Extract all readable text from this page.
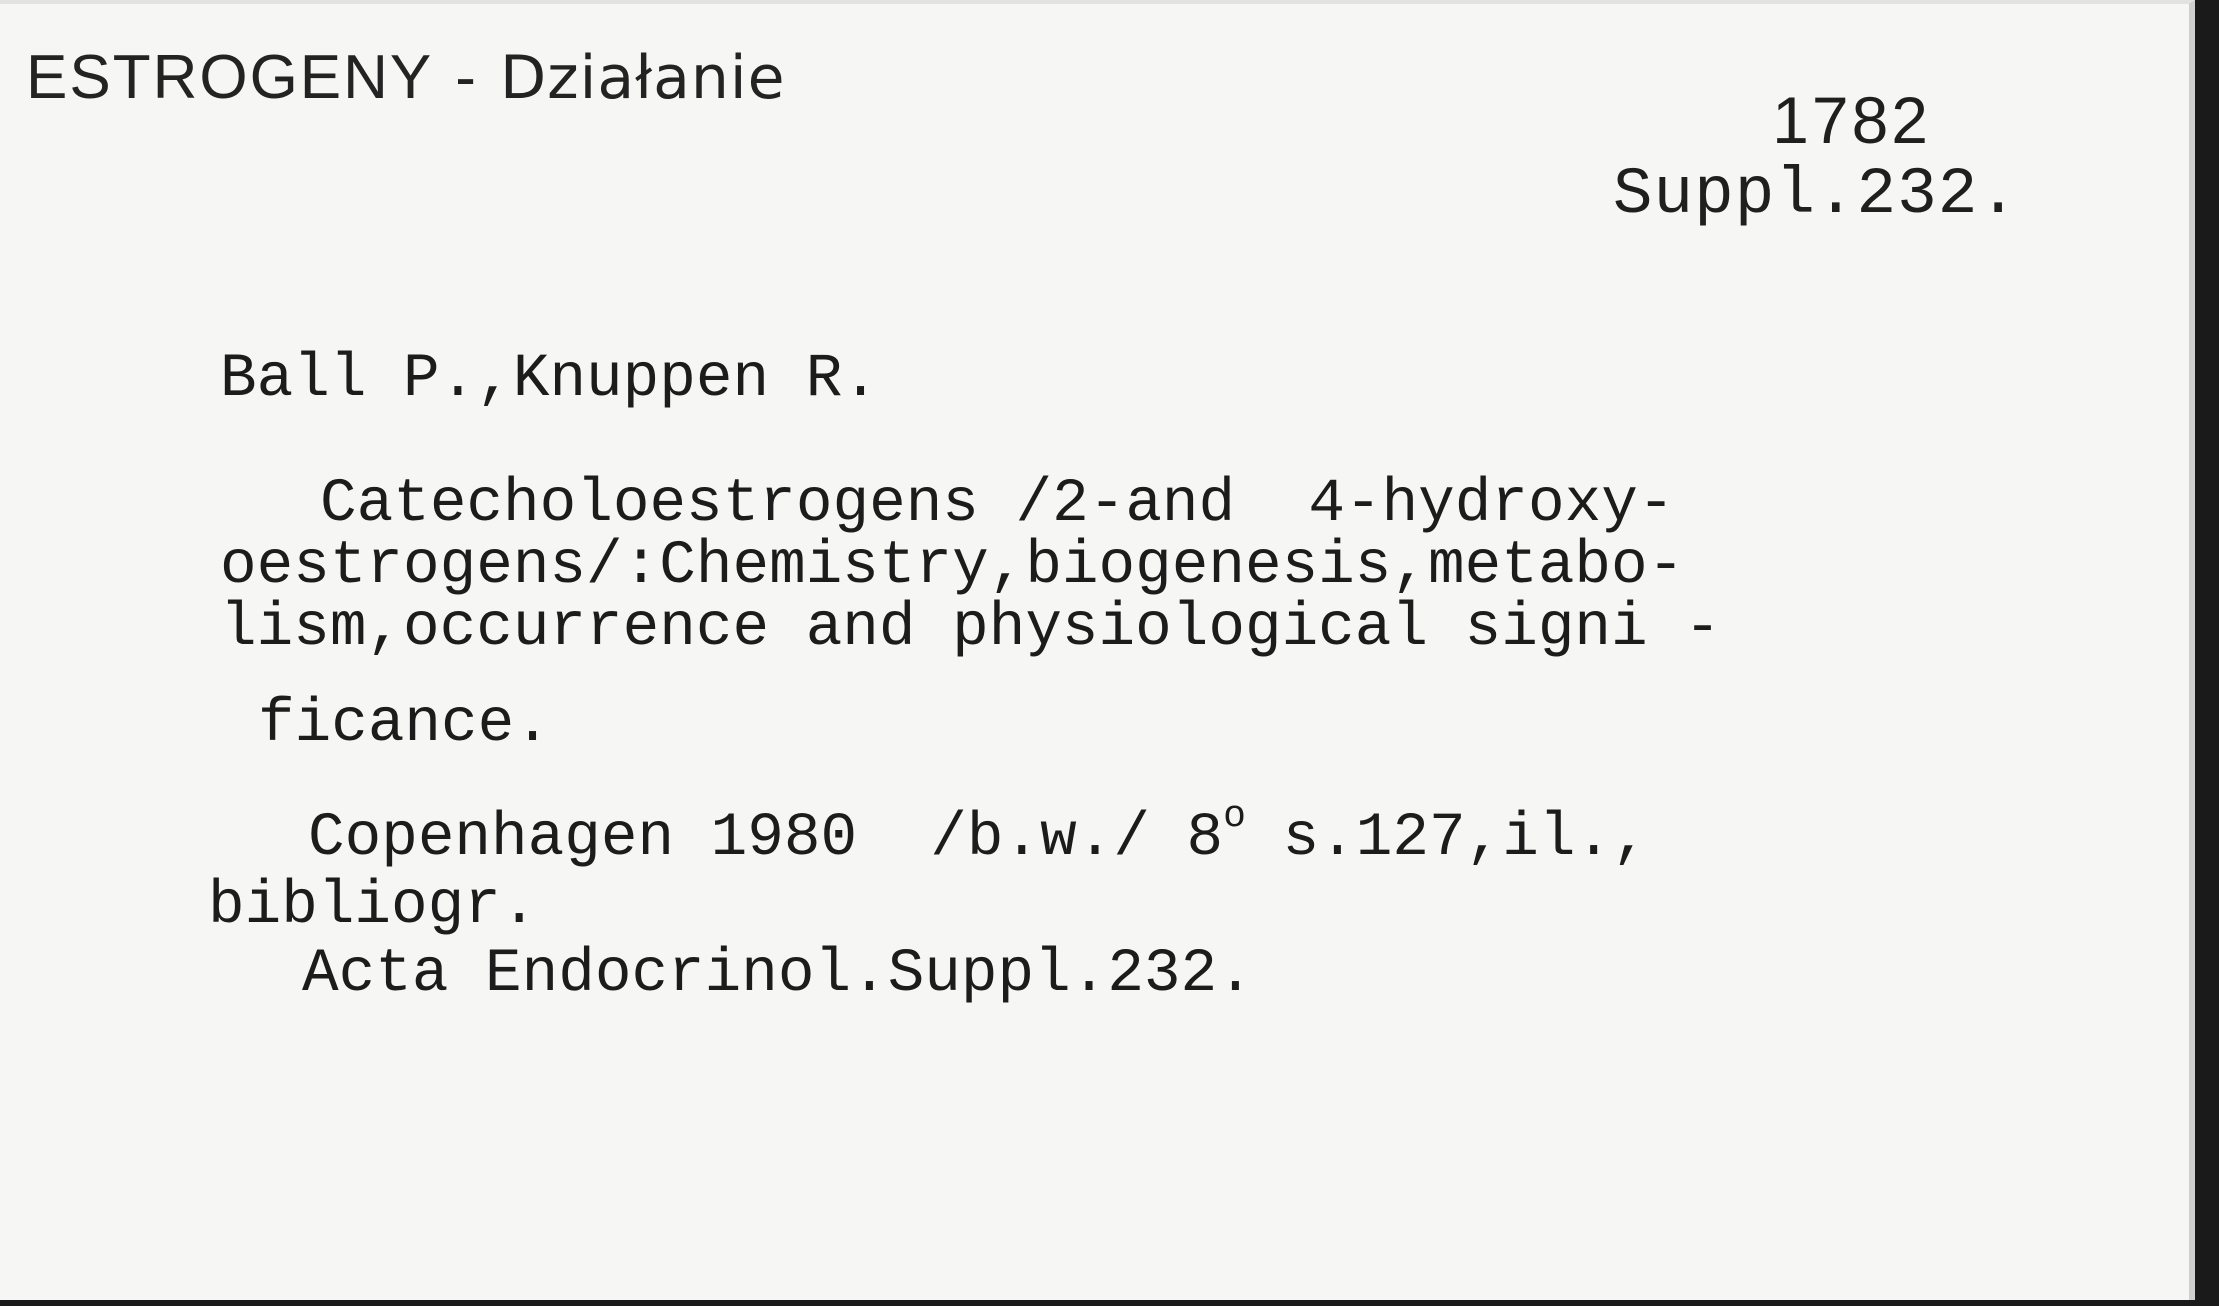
ESTROGENY - Działanie
1782
Suppl.232.
Ball P.,Knuppen R.
Catecholoestrogens /2-and  4-hydroxy-
oestrogens/:Chemistry,biogenesis,metabo-
lism,occurrence and physiological signi -
ficance.
Copenhagen 1980  /b.w./ 8$^o$ s.127,il.,
bibliogr.
Acta Endocrinol.Suppl.232.
